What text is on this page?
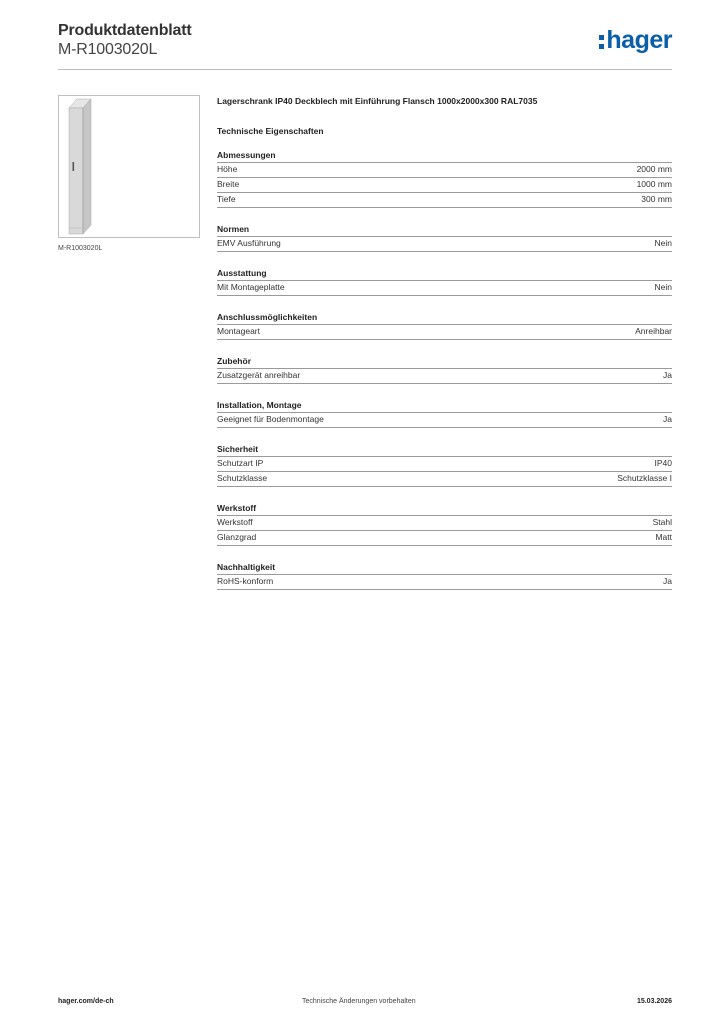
Produktdatenblatt
M-R1003020L	hager
M-R1003020L
Lagerschrank IP40 Deckblech mit Einführung Flansch 1000x2000x300 RAL7035
Technische Eigenschaften
Abmessungen
Höhe	2000 mm
Breite	1000 mm
Tiefe	300 mm
Normen
EMV Ausführung	Nein
Ausstattung
Mit Montageplatte	Nein
Anschlussmöglichkeiten
Montageart	Anreihbar
Zubehör
Zusatzgerät anreihbar	Ja
Installation, Montage
Geeignet für Bodenmontage	Ja
Sicherheit
Schutzart IP	IP40
Schutzklasse	Schutzklasse I
Werkstoff
Werkstoff	Stahl
Glanzgrad	Matt
Nachhaltigkeit
RoHS-konform	Ja
hager.com/de-ch	Technische Änderungen vorbehalten	15.03.2026
